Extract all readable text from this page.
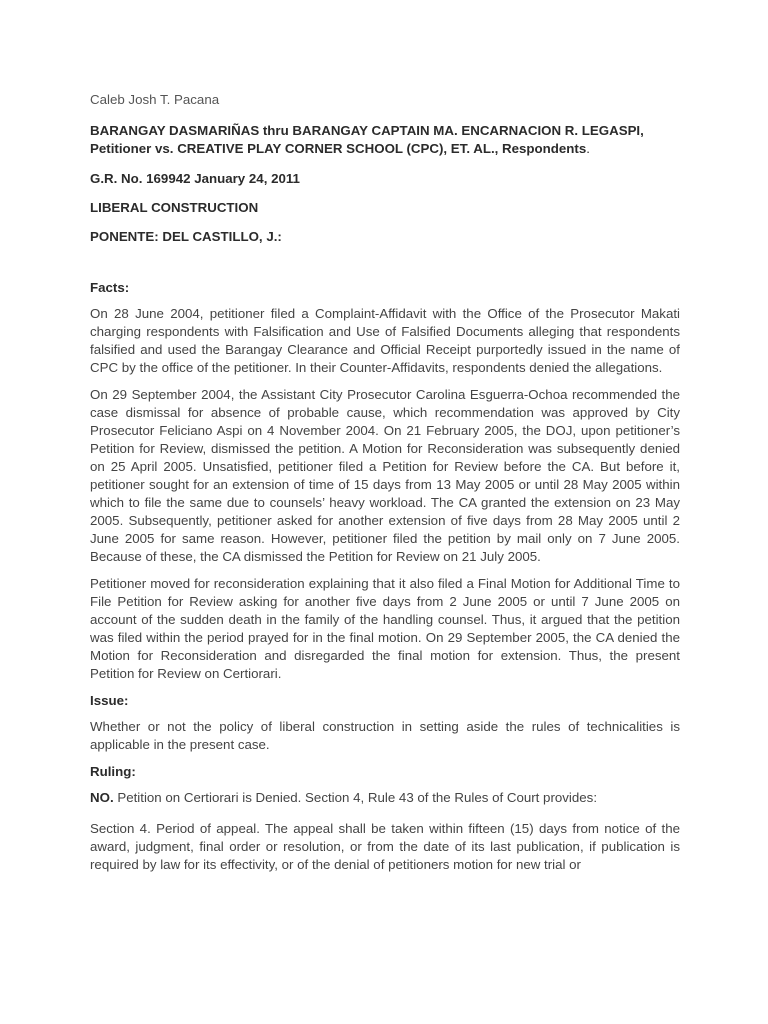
Caleb Josh T. Pacana

BARANGAY DASMARIÑAS thru BARANGAY CAPTAIN MA. ENCARNACION R. LEGASPI, Petitioner vs. CREATIVE PLAY CORNER SCHOOL (CPC), ET. AL., Respondents.

G.R. No. 169942 January 24, 2011

LIBERAL CONSTRUCTION

PONENTE: DEL CASTILLO, J.:

Facts:

On 28 June 2004, petitioner filed a Complaint-Affidavit with the Office of the Prosecutor Makati charging respondents with Falsification and Use of Falsified Documents alleging that respondents falsified and used the Barangay Clearance and Official Receipt purportedly issued in the name of CPC by the office of the petitioner. In their Counter-Affidavits, respondents denied the allegations.

On 29 September 2004, the Assistant City Prosecutor Carolina Esguerra-Ochoa recommended the case dismissal for absence of probable cause, which recommendation was approved by City Prosecutor Feliciano Aspi on 4 November 2004. On 21 February 2005, the DOJ, upon petitioner’s Petition for Review, dismissed the petition. A Motion for Reconsideration was subsequently denied on 25 April 2005. Unsatisfied, petitioner filed a Petition for Review before the CA. But before it, petitioner sought for an extension of time of 15 days from 13 May 2005 or until 28 May 2005 within which to file the same due to counsels’ heavy workload. The CA granted the extension on 23 May 2005. Subsequently, petitioner asked for another extension of five days from 28 May 2005 until 2 June 2005 for same reason. However, petitioner filed the petition by mail only on 7 June 2005. Because of these, the CA dismissed the Petition for Review on 21 July 2005.

Petitioner moved for reconsideration explaining that it also filed a Final Motion for Additional Time to File Petition for Review asking for another five days from 2 June 2005 or until 7 June 2005 on account of the sudden death in the family of the handling counsel. Thus, it argued that the petition was filed within the period prayed for in the final motion. On 29 September 2005, the CA denied the Motion for Reconsideration and disregarded the final motion for extension. Thus, the present Petition for Review on Certiorari.

Issue:

Whether or not the policy of liberal construction in setting aside the rules of technicalities is applicable in the present case.

Ruling:

NO. Petition on Certiorari is Denied. Section 4, Rule 43 of the Rules of Court provides:

Section 4. Period of appeal. The appeal shall be taken within fifteen (15) days from notice of the award, judgment, final order or resolution, or from the date of its last publication, if publication is required by law for its effectivity, or of the denial of petitioners motion for new trial or
